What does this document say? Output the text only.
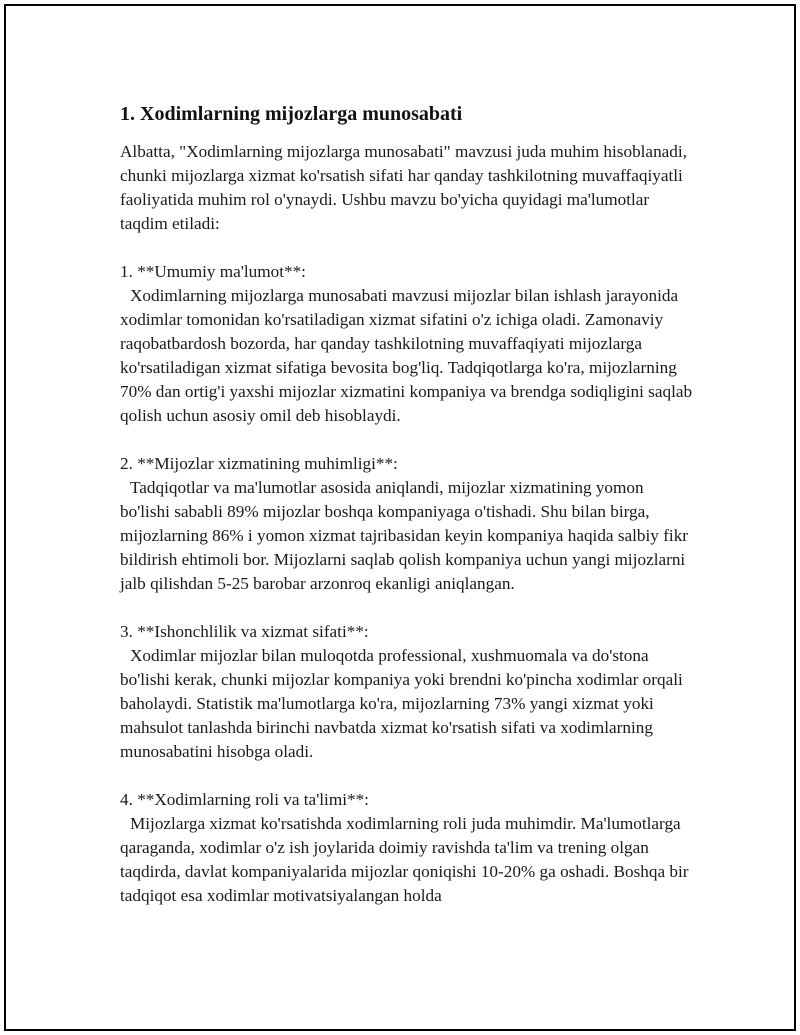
1. Xodimlarning mijozlarga munosabati

Albatta, "Xodimlarning mijozlarga munosabati" mavzusi juda muhim hisoblanadi, chunki mijozlarga xizmat ko'rsatish sifati har qanday tashkilotning muvaffaqiyatli faoliyatida muhim rol o'ynaydi. Ushbu mavzu bo'yicha quyidagi ma'lumotlar taqdim etiladi:

1. **Umumiy ma'lumot**:

Xodimlarning mijozlarga munosabati mavzusi mijozlar bilan ishlash jarayonida xodimlar tomonidan ko'rsatiladigan xizmat sifatini o'z ichiga oladi. Zamonaviy raqobatbardosh bozorda, har qanday tashkilotning muvaffaqiyati mijozlarga ko'rsatiladigan xizmat sifatiga bevosita bog'liq. Tadqiqotlarga ko'ra, mijozlarning 70% dan ortig'i yaxshi mijozlar xizmatini kompaniya va brendga sodiqligini saqlab qolish uchun asosiy omil deb hisoblaydi.

2. **Mijozlar xizmatining muhimligi**:

Tadqiqotlar va ma'lumotlar asosida aniqlandi, mijozlar xizmatining yomon bo'lishi sababli 89% mijozlar boshqa kompaniyaga o'tishadi. Shu bilan birga, mijozlarning 86% i yomon xizmat tajribasidan keyin kompaniya haqida salbiy fikr bildirish ehtimoli bor. Mijozlarni saqlab qolish kompaniya uchun yangi mijozlarni jalb qilishdan 5-25 barobar arzonroq ekanligi aniqlangan.

3. **Ishonchlilik va xizmat sifati**:

Xodimlar mijozlar bilan muloqotda professional, xushmuomala va do'stona bo'lishi kerak, chunki mijozlar kompaniya yoki brendni ko'pincha xodimlar orqali baholaydi. Statistik ma'lumotlarga ko'ra, mijozlarning 73% yangi xizmat yoki mahsulot tanlashda birinchi navbatda xizmat ko'rsatish sifati va xodimlarning munosabatini hisobga oladi.

4. **Xodimlarning roli va ta'limi**:

Mijozlarga xizmat ko'rsatishda xodimlarning roli juda muhimdir. Ma'lumotlarga qaraganda, xodimlar o'z ish joylarida doimiy ravishda ta'lim va trening olgan taqdirda, davlat kompaniyalarida mijozlar qoniqishi 10-20% ga oshadi. Boshqa bir tadqiqot esa xodimlar motivatsiyalangan holda
